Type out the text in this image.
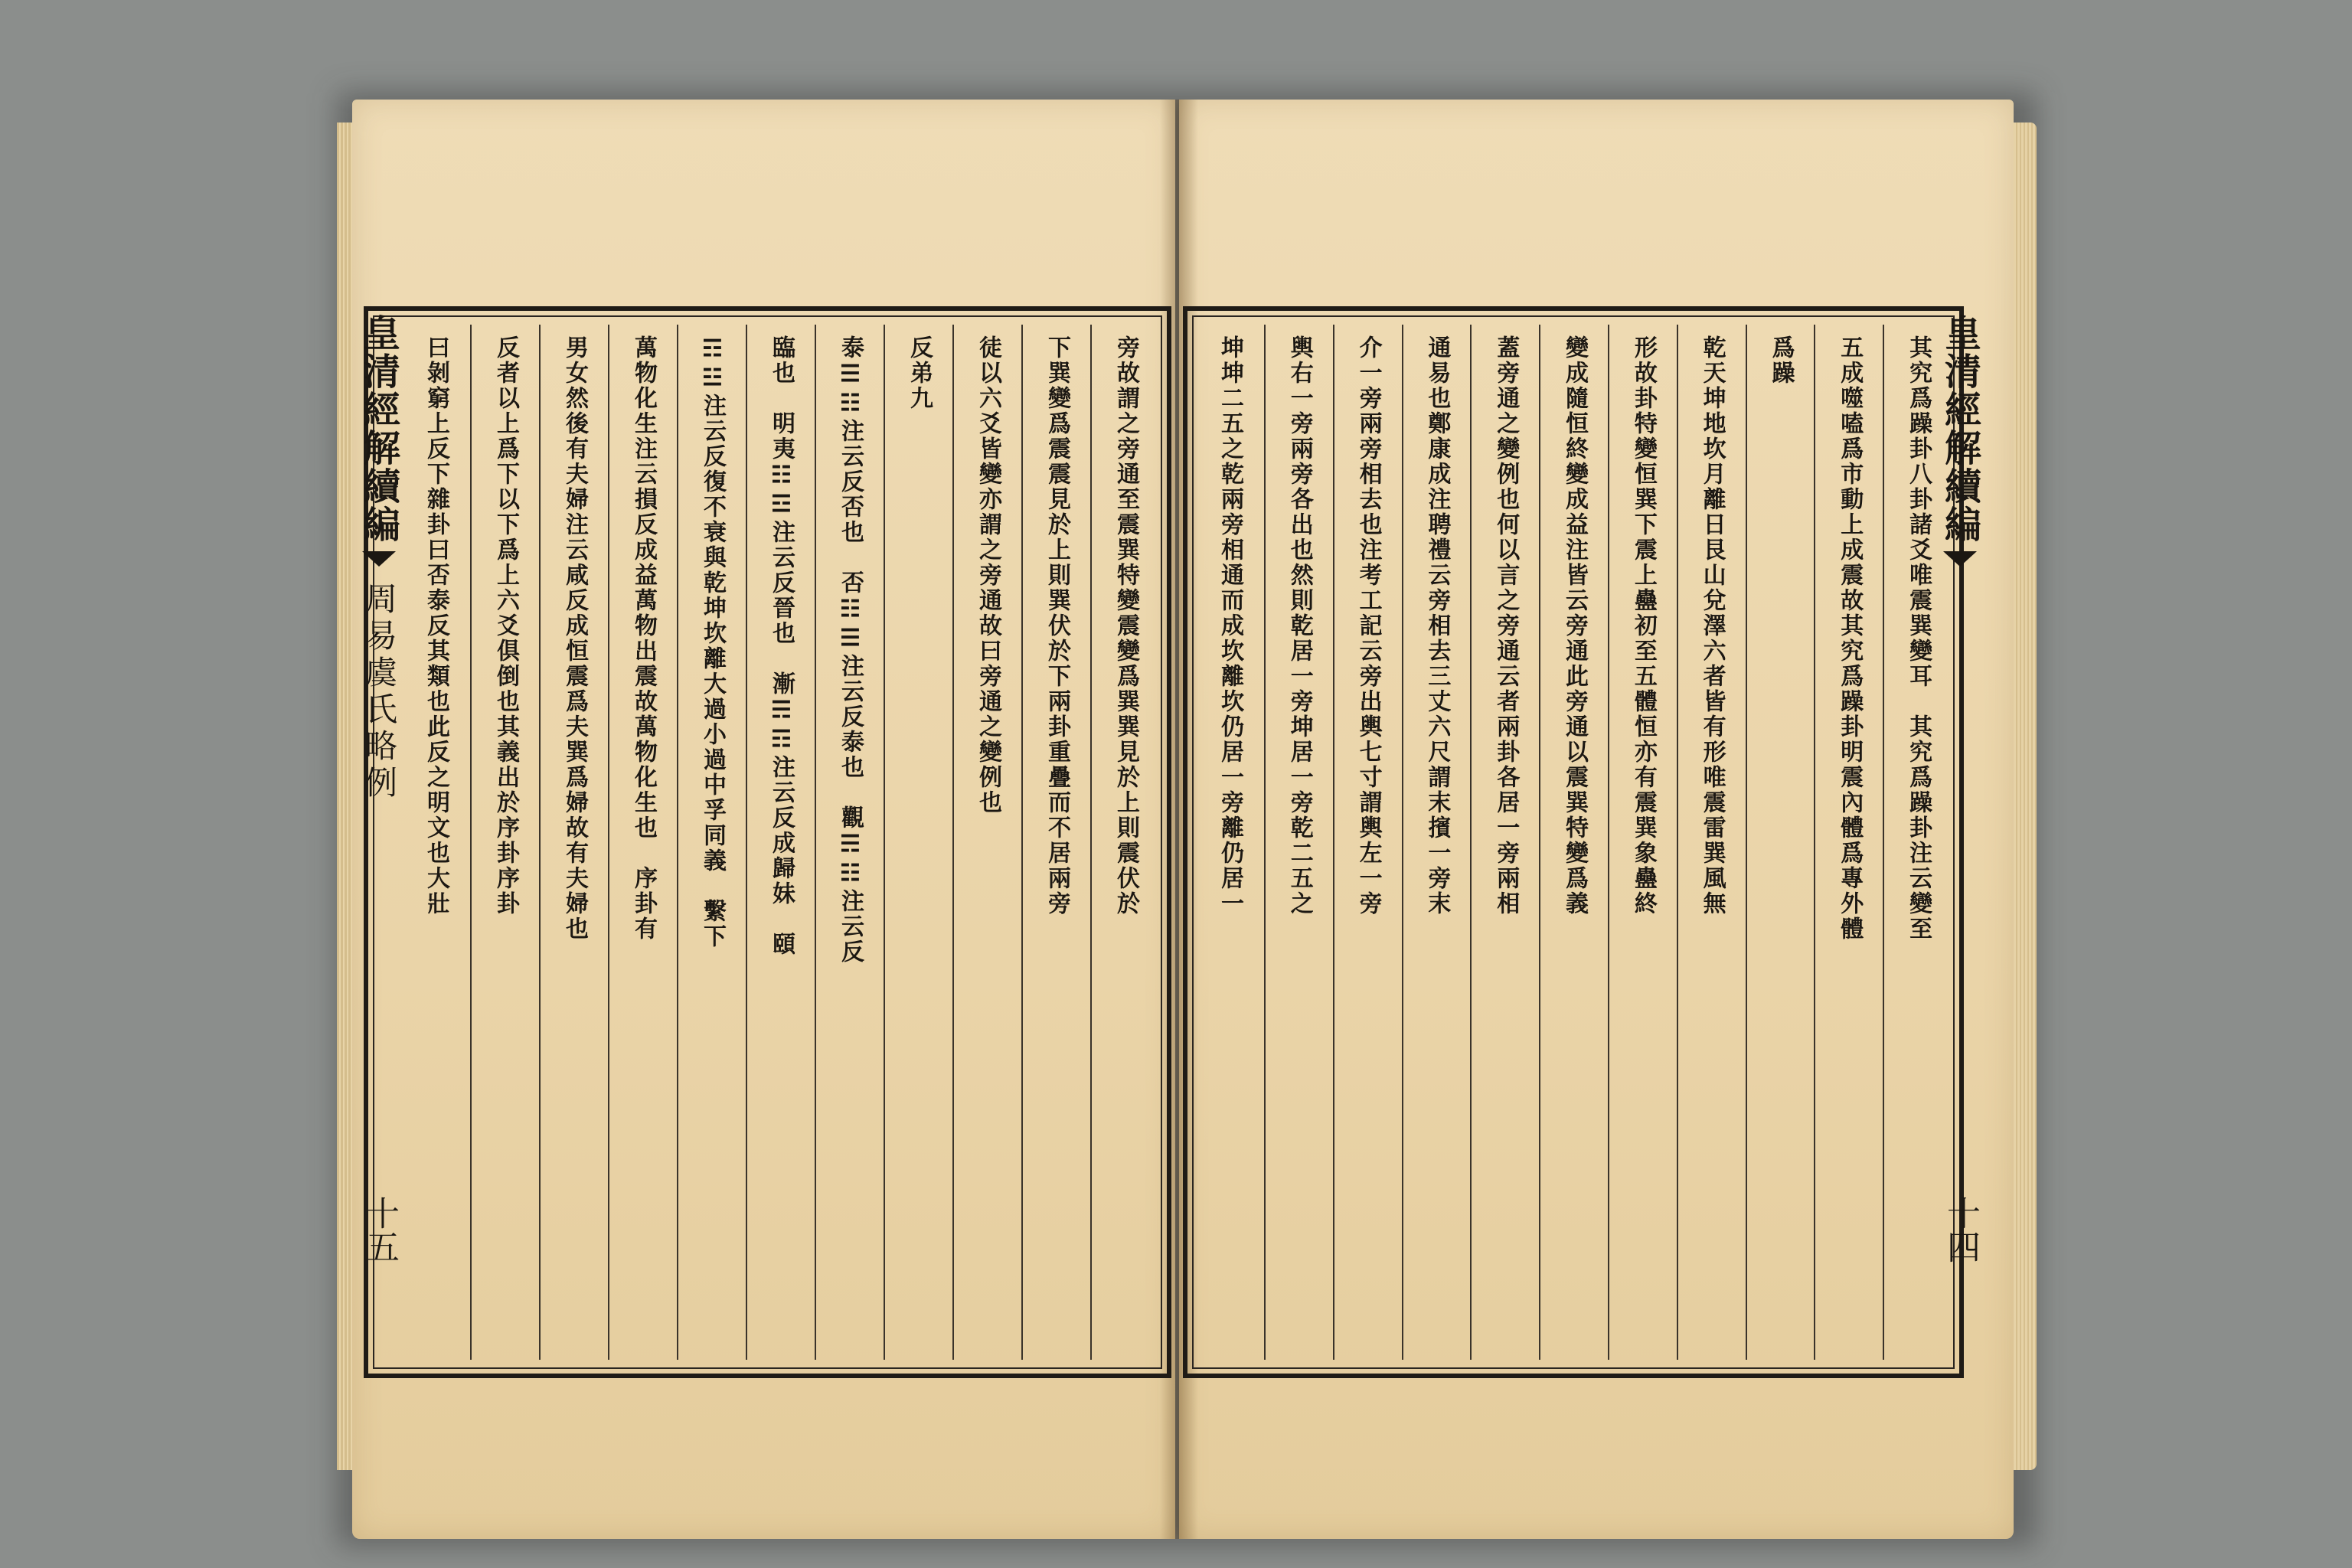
旁故謂之旁通至震巽特變震變爲巽巽見於上則震伏於
下巽變爲震震見於上則巽伏於下兩卦重疊而不居兩旁
徒以六爻皆變亦謂之旁通故曰旁通之變例也
反弟九
泰☰☷注云反否也　否☷☰注云反泰也　觀☴☷注云反
臨也　明夷☷☲注云反晉也　漸☴☶注云反成歸妹　頤
☶☳注云反復不衰與乾坤坎離大過小過中孚同義　繫下
萬物化生注云損反成益萬物出震故萬物化生也　序卦有
男女然後有夫婦注云咸反成恒震爲夫巽爲婦故有夫婦也
反者以上爲下以下爲上六爻俱倒也其義出於序卦序卦
曰剝窮上反下雜卦曰否泰反其類也此反之明文也大壯
皇清經解續編
周易虞氏略例
十五
其究爲躁卦八卦諸爻唯震巽變耳　其究爲躁卦注云變至
五成噬嗑爲市動上成震故其究爲躁卦明震內體爲專外體
爲躁
乾天坤地坎月離日艮山兌澤六者皆有形唯震雷巽風無
形故卦特變恒巽下震上蠱初至五體恒亦有震巽象蠱終
變成隨恒終變成益注皆云旁通此旁通以震巽特變爲義
蓋旁通之變例也何以言之旁通云者兩卦各居一旁兩相
通易也鄭康成注聘禮云旁相去三丈六尺謂末擯一旁末
介一旁兩旁相去也注考工記云旁出輿七寸謂輿左一旁
輿右一旁兩旁各出也然則乾居一旁坤居一旁乾二五之
坤坤二五之乾兩旁相通而成坎離坎仍居一旁離仍居一	皇清經解續編
十四
